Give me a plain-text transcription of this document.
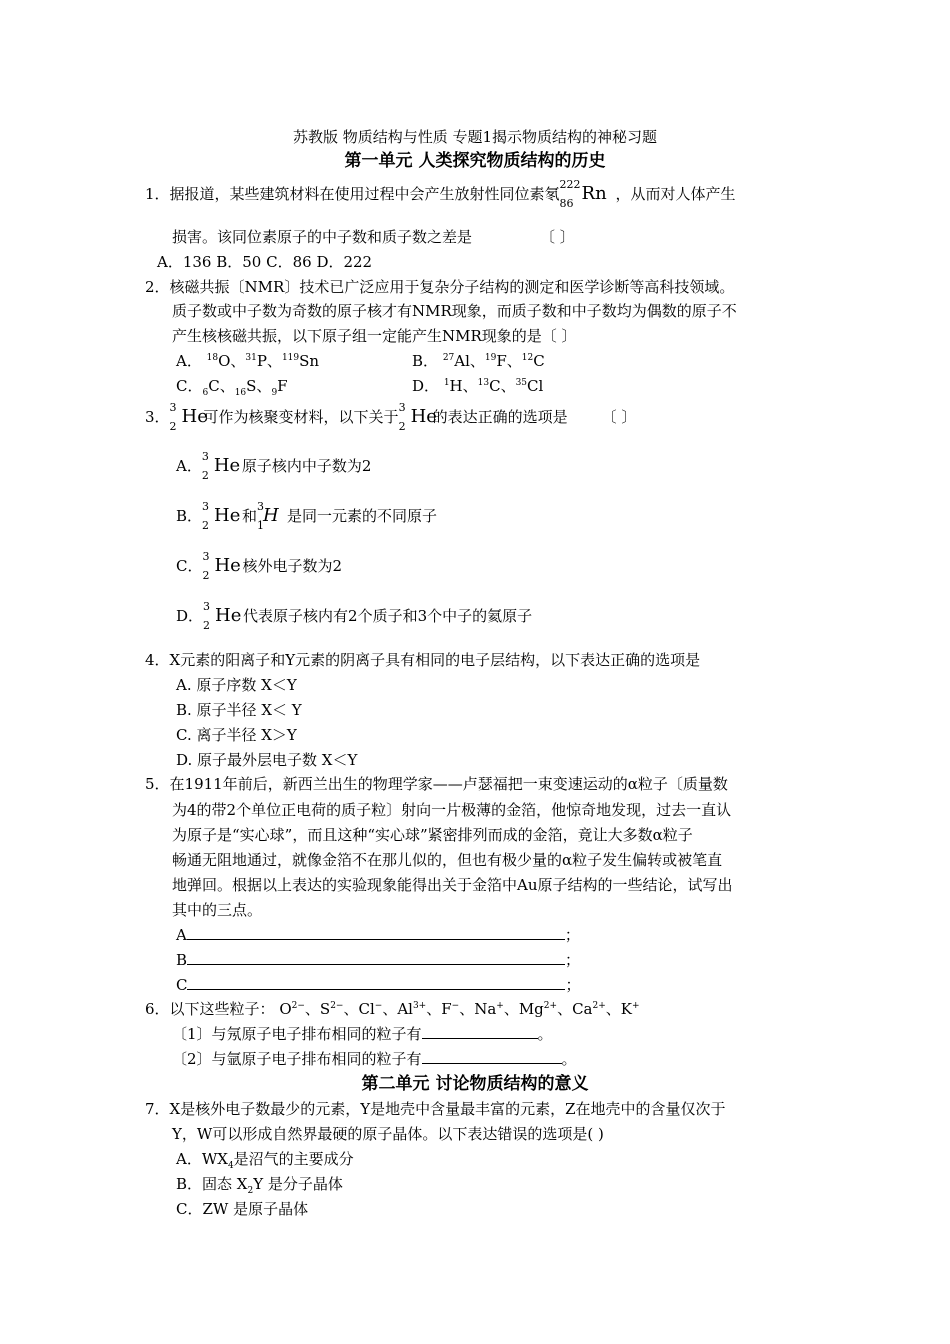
苏教版 物质结构与性质 专题1揭示物质结构的神秘习题
第一单元 人类探究物质结构的历史
1．据报道，某些建筑材料在使用过程中会产生放射性同位素氡
222
86 Rn ，从而对人体产生
损害。该同位素原子的中子数和质子数之差是	〔 〕
A．136 B．50 C．86 D．222
2．核磁共振〔NMR〕技术已广泛应用于复杂分子结构的测定和医学诊断等高科技领域。
质子数或中子数为奇数的原子核才有NMR现象，而质子数和中子数均为偶数的原子不
产生核核磁共振，以下原子组一定能产生NMR现象的是〔 〕
A． $^{18}$O、$^{31}$P、$^{119}$Sn	B． $^{27}$Al、$^{19}$F、$^{12}$C
C．$_6$C、$_{16}$S、$_9$F	D． $^1$H、$^{13}$C、$^{35}$Cl
3．
3
2 He可作为核聚变材料，以下关于
3
2 He的表达正确的选项是 〔 〕
A．
3
2 He 原子核内中子数为2
B．
3
2 He 和
3
1 H 是同一元素的不同原子
C．
3
2 He 核外电子数为2
D．
3
2 He 代表原子核内有2个质子和3个中子的氦原子
4．X元素的阳离子和Y元素的阴离子具有相同的电子层结构，以下表达正确的选项是
A. 原子序数 X＜Y
B. 原子半径 X＜ Y
C. 离子半径 X＞Y
D. 原子最外层电子数 X＜Y
5．在1911年前后，新西兰出生的物理学家——卢瑟福把一束变速运动的α粒子〔质量数
为4的带2个单位正电荷的质子粒〕射向一片极薄的金箔，他惊奇地发现，过去一直认
为原子是“实心球”，而且这种“实心球”紧密排列而成的金箔，竟让大多数α粒子
畅通无阻地通过，就像金箔不在那儿似的，但也有极少量的α粒子发生偏转或被笔直
地弹回。根据以上表达的实验现象能得出关于金箔中Au原子结构的一些结论，试写出
其中的三点。
A	；
B	；
C	；
6．以下这些粒子： $O^{2-}$、$S^{2-}$、Cl−、$Al^{3+}$、F−、Na+、$Mg^{2+}$、$Ca^{2+}$、K+
〔1〕与氖原子电子排布相同的粒子有	。
〔2〕与氩原子电子排布相同的粒子有	。
第二单元 讨论物质结构的意义
7．X是核外电子数最少的元素，Y是地壳中含量最丰富的元素，Z在地壳中的含量仅次于
Y，W可以形成自然界最硬的原子晶体。以下表达错误的选项是( )
A．$WX_4$是沼气的主要成分
B．固态 $X_2Y$ 是分子晶体
C．ZW 是原子晶体
